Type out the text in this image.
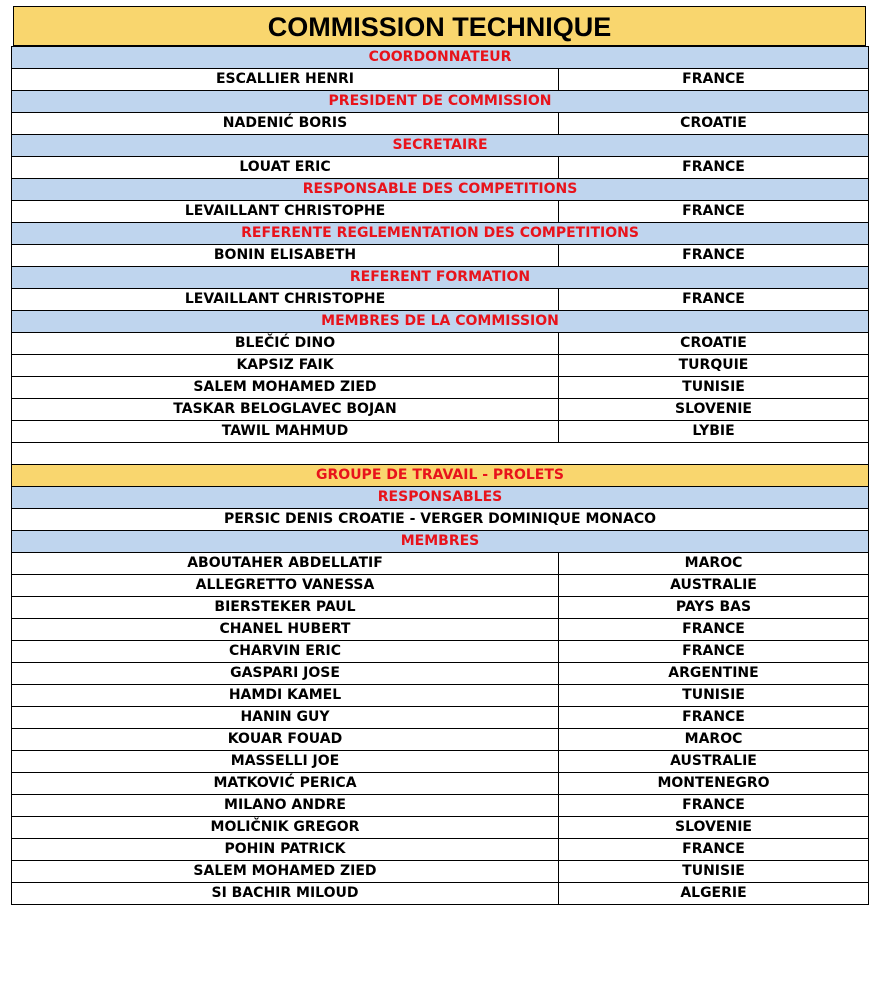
COMMISSION TECHNIQUE
COORDONNATEUR	
ESCALLIER HENRI	FRANCE
PRESIDENT DE COMMISSION	
NADENIĆ BORIS	CROATIE
SECRETAIRE	
LOUAT ERIC	FRANCE
RESPONSABLE DES COMPETITIONS	
LEVAILLANT CHRISTOPHE	FRANCE
REFERENTE REGLEMENTATION DES COMPETITIONS	
BONIN ELISABETH	FRANCE
REFERENT FORMATION	
LEVAILLANT CHRISTOPHE	FRANCE
MEMBRES DE LA COMMISSION	
BLEČIĆ DINO	CROATIE
KAPSIZ FAIK	TURQUIE
SALEM MOHAMED ZIED	TUNISIE
TASKAR BELOGLAVEC BOJAN	SLOVENIE
TAWIL MAHMUD	LYBIE

GROUPE DE TRAVAIL - PROLETS	
RESPONSABLES	
PERSIC DENIS CROATIE - VERGER DOMINIQUE MONACO	
MEMBRES	
ABOUTAHER ABDELLATIF	MAROC
ALLEGRETTO VANESSA	AUSTRALIE
BIERSTEKER PAUL	PAYS BAS
CHANEL HUBERT	FRANCE
CHARVIN ERIC	FRANCE
GASPARI JOSE	ARGENTINE
HAMDI KAMEL	TUNISIE
HANIN GUY	FRANCE
KOUAR FOUAD	MAROC
MASSELLI JOE	AUSTRALIE
MATKOVIĆ PERICA	MONTENEGRO
MILANO ANDRE	FRANCE
MOLIČNIK GREGOR	SLOVENIE
POHIN PATRICK	FRANCE
SALEM MOHAMED ZIED	TUNISIE
SI BACHIR MILOUD	ALGERIE
